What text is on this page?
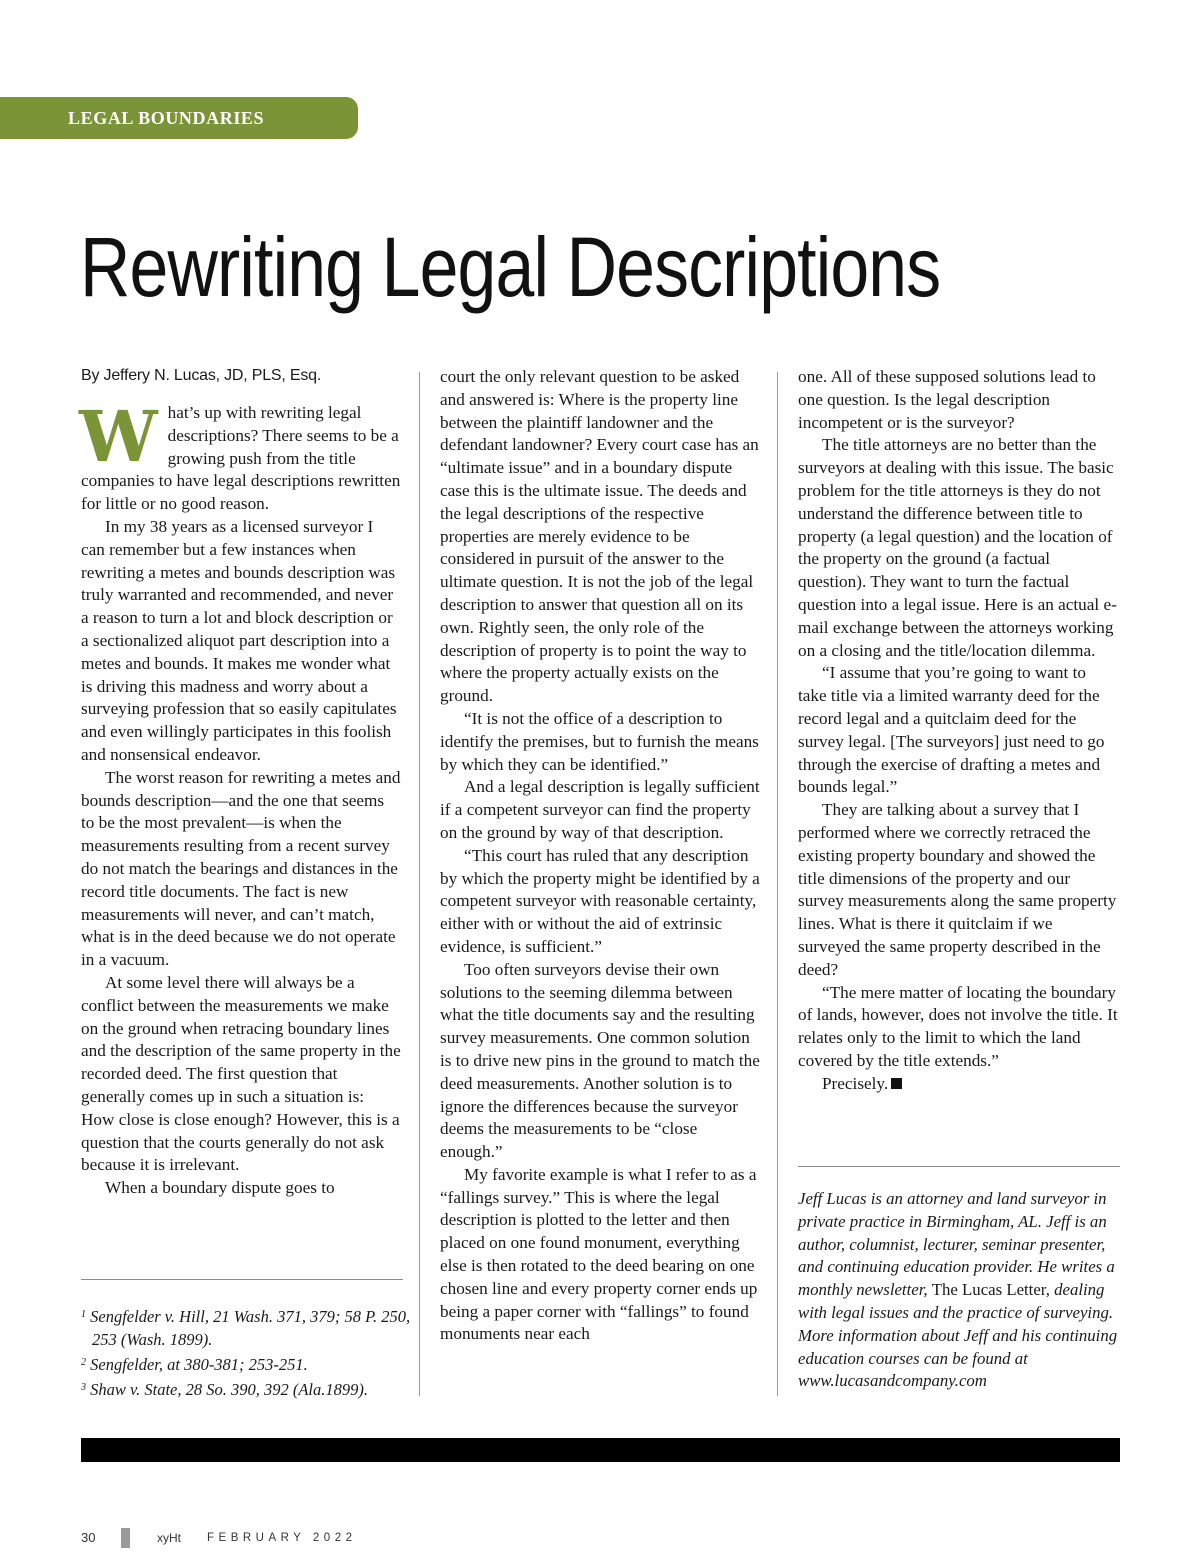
LEGAL BOUNDARIES
Rewriting Legal Descriptions
By Jeffery N. Lucas, JD, PLS, Esq.

What’s up with rewriting legal descriptions? There seems to be a growing push from the title companies to have legal descriptions rewritten for little or no good reason.

In my 38 years as a licensed surveyor I can remember but a few instances when rewriting a metes and bounds description was truly warranted and recommended, and never a reason to turn a lot and block description or a sectionalized aliquot part description into a metes and bounds. It makes me wonder what is driving this madness and worry about a surveying profession that so easily capitulates and even willingly participates in this foolish and nonsensical endeavor.

The worst reason for rewriting a metes and bounds description—and the one that seems to be the most prevalent—is when the measurements resulting from a recent survey do not match the bearings and distances in the record title documents. The fact is new measurements will never, and can’t match, what is in the deed because we do not operate in a vacuum.

At some level there will always be a conflict between the measurements we make on the ground when retracing boundary lines and the description of the same property in the recorded deed. The first question that generally comes up in such a situation is: How close is close enough? However, this is a question that the courts generally do not ask because it is irrelevant.

When a boundary dispute goes to

$^1$ Sengfelder v. Hill, 21 Wash. 371, 379; 58 P. 250, 253 (Wash. 1899).
$^2$ Sengfelder, at 380-381; 253-251.
$^3$ Shaw v. State, 28 So. 390, 392 (Ala.1899).

court the only relevant question to be asked and answered is: Where is the property line between the plaintiff landowner and the defendant landowner? Every court case has an “ultimate issue” and in a boundary dispute case this is the ultimate issue. The deeds and the legal descriptions of the respective properties are merely evidence to be considered in pursuit of the answer to the ultimate question. It is not the job of the legal description to answer that question all on its own. Rightly seen, the only role of the description of property is to point the way to where the property actually exists on the ground.

“It is not the office of a description to identify the premises, but to furnish the means by which they can be identified.”

And a legal description is legally sufficient if a competent surveyor can find the property on the ground by way of that description.

“This court has ruled that any description by which the property might be identified by a competent surveyor with reasonable certainty, either with or without the aid of extrinsic evidence, is sufficient.”

Too often surveyors devise their own solutions to the seeming dilemma between what the title documents say and the resulting survey measurements. One common solution is to drive new pins in the ground to match the deed measurements. Another solution is to ignore the differences because the surveyor deems the measurements to be “close enough.”

My favorite example is what I refer to as a “fallings survey.” This is where the legal description is plotted to the letter and then placed on one found monument, everything else is then rotated to the deed bearing on one chosen line and every property corner ends up being a paper corner with “fallings” to found monuments near each

one. All of these supposed solutions lead to one question. Is the legal description incompetent or is the surveyor?

The title attorneys are no better than the surveyors at dealing with this issue. The basic problem for the title attorneys is they do not understand the difference between title to property (a legal question) and the location of the property on the ground (a factual question). They want to turn the factual question into a legal issue. Here is an actual e-mail exchange between the attorneys working on a closing and the title/location dilemma.

“I assume that you’re going to want to take title via a limited warranty deed for the record legal and a quitclaim deed for the survey legal. [The surveyors] just need to go through the exercise of drafting a metes and bounds legal.”

They are talking about a survey that I performed where we correctly retraced the existing property boundary and showed the title dimensions of the property and our survey measurements along the same property lines. What is there it quitclaim if we surveyed the same property described in the deed?

“The mere matter of locating the boundary of lands, however, does not involve the title. It relates only to the limit to which the land covered by the title extends.”

Precisely.

Jeff Lucas is an attorney and land surveyor in private practice in Birmingham, AL. Jeff is an author, columnist, lecturer, seminar presenter, and continuing education provider. He writes a monthly newsletter, The Lucas Letter, dealing with legal issues and the practice of surveying. More information about Jeff and his continuing education courses can be found at www.lucasandcompany.com
30	xyHt FEBRUARY 2022
